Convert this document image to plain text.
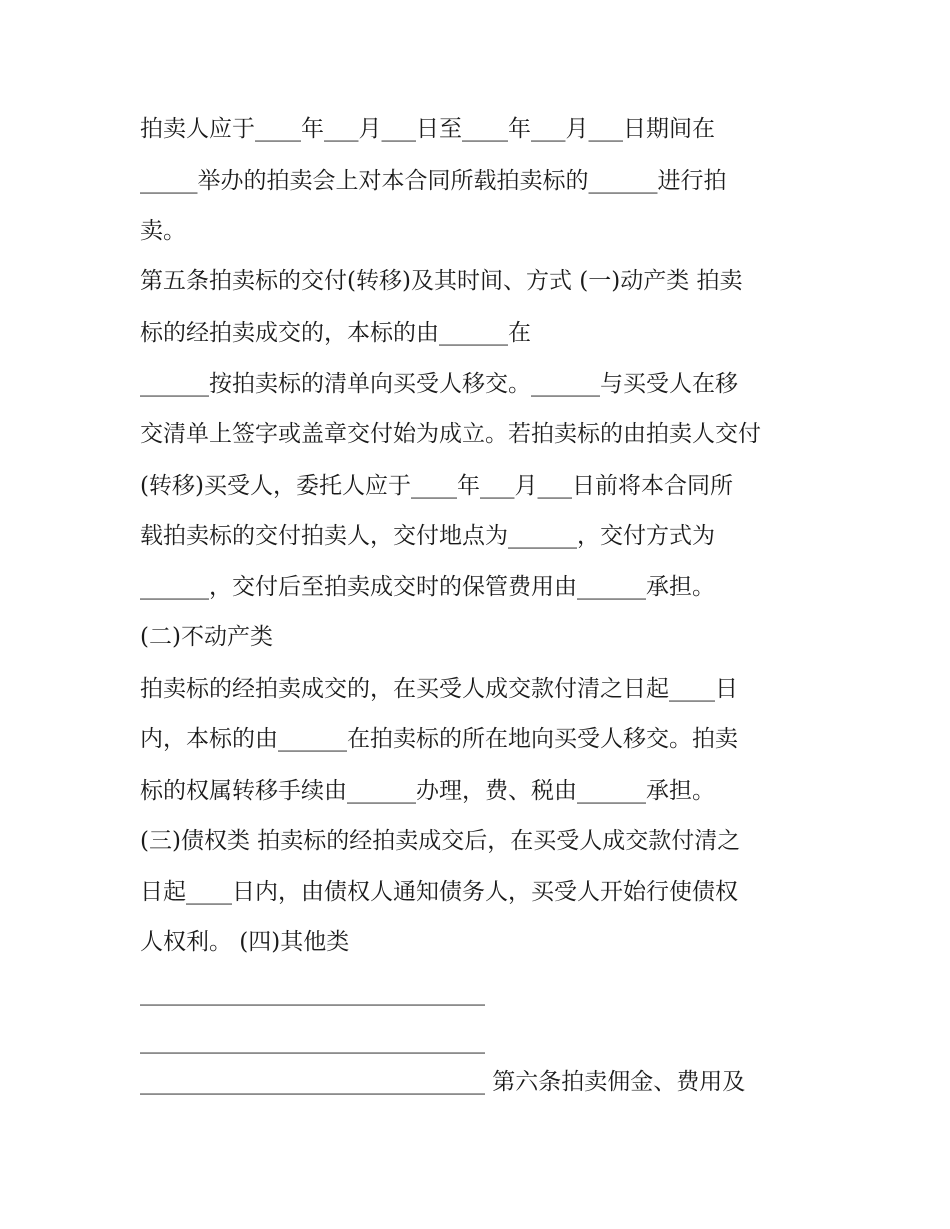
拍卖人应于____年___月___日至____年___月___日期间在
_____举办的拍卖会上对本合同所载拍卖标的______进行拍
卖。
第五条拍卖标的交付(转移)及其时间、方式 (一)动产类 拍卖
标的经拍卖成交的，本标的由______在
______按拍卖标的清单向买受人移交。______与买受人在移
交清单上签字或盖章交付始为成立。若拍卖标的由拍卖人交付
(转移)买受人，委托人应于____年___月___日前将本合同所
载拍卖标的交付拍卖人，交付地点为______，交付方式为
______，交付后至拍卖成交时的保管费用由______承担。
(二)不动产类
拍卖标的经拍卖成交的，在买受人成交款付清之日起____日
内，本标的由______在拍卖标的所在地向买受人移交。拍卖
标的权属转移手续由______办理，费、税由______承担。
(三)债权类 拍卖标的经拍卖成交后，在买受人成交款付清之
日起____日内，由债权人通知债务人，买受人开始行使债权
人权利。 (四)其他类
______________________________
______________________________
______________________________ 第六条拍卖佣金、费用及
